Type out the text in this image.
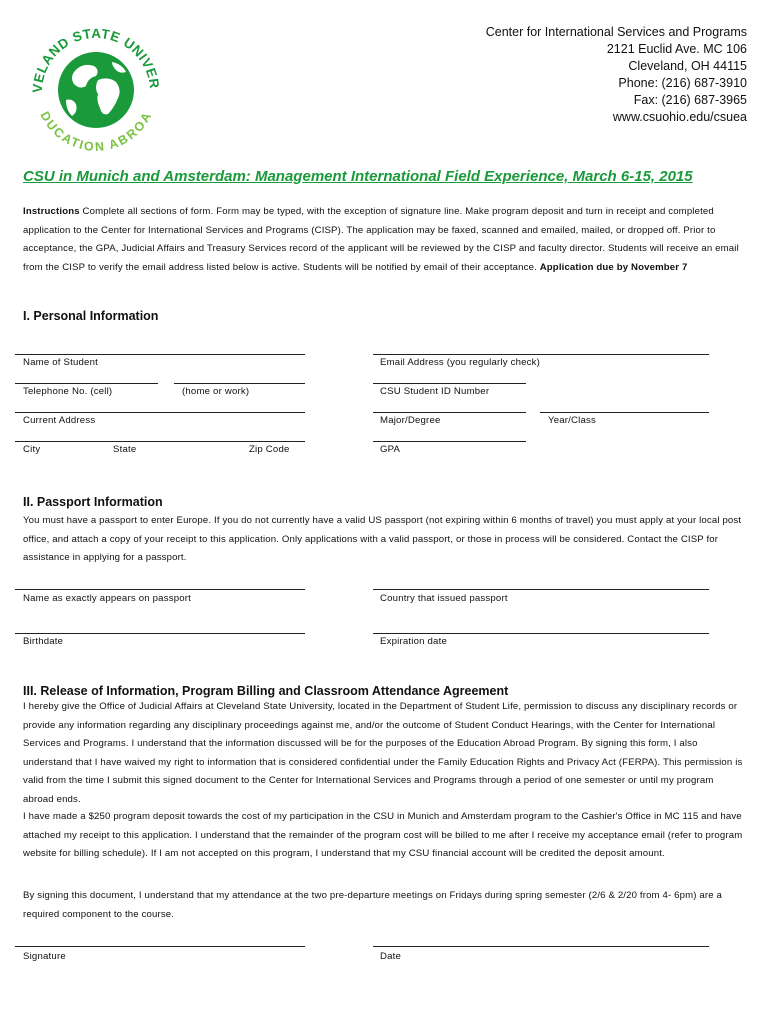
VELAND STATE UNIVER
DUCATION ABROA
Center for International Services and Programs
2121 Euclid Ave. MC 106
Cleveland, OH 44115
Phone: (216) 687-3910
Fax: (216) 687-3965
www.csuohio.edu/csuea
CSU in Munich and Amsterdam: Management International Field Experience, March 6-15, 2015
Instructions Complete all sections of form. Form may be typed, with the exception of signature line. Make program deposit and turn in receipt and completed application to the Center for International Services and Programs (CISP). The application may be faxed, scanned and emailed, mailed, or dropped off. Prior to acceptance, the GPA, Judicial Affairs and Treasury Services record of the applicant will be reviewed by the CISP and faculty director. Students will receive an email from the CISP to verify the email address listed below is active. Students will be notified by email of their acceptance. Application due by November 7
I. Personal Information
Name of Student	Email Address (you regularly check)
Telephone No. (cell)	(home or work)	CSU Student ID Number
Current Address	Major/Degree	Year/Class
City	State	Zip Code	GPA
II. Passport Information
You must have a passport to enter Europe. If you do not currently have a valid US passport (not expiring within 6 months of travel) you must apply at your local post office, and attach a copy of your receipt to this application. Only applications with a valid passport, or those in process will be considered. Contact the CISP for assistance in applying for a passport.
Name as exactly appears on passport	Country that issued passport
Birthdate	Expiration date
III. Release of Information, Program Billing and Classroom Attendance Agreement
I hereby give the Office of Judicial Affairs at Cleveland State University, located in the Department of Student Life, permission to discuss any disciplinary records or provide any information regarding any disciplinary proceedings against me, and/or the outcome of Student Conduct Hearings, with the Center for International Services and Programs. I understand that the information discussed will be for the purposes of the Education Abroad Program. By signing this form, I also understand that I have waived my right to information that is considered confidential under the Family Education Rights and Privacy Act (FERPA). This permission is valid from the time I submit this signed document to the Center for International Services and Programs through a period of one semester or until my program abroad ends.
I have made a $250 program deposit towards the cost of my participation in the CSU in Munich and Amsterdam program to the Cashier's Office in MC 115 and have attached my receipt to this application. I understand that the remainder of the program cost will be billed to me after I receive my acceptance email (refer to program website for billing schedule). If I am not accepted on this program, I understand that my CSU financial account will be credited the deposit amount.
By signing this document, I understand that my attendance at the two pre-departure meetings on Fridays during spring semester (2/6 & 2/20 from 4- 6pm) are a required component to the course.
Signature	Date
